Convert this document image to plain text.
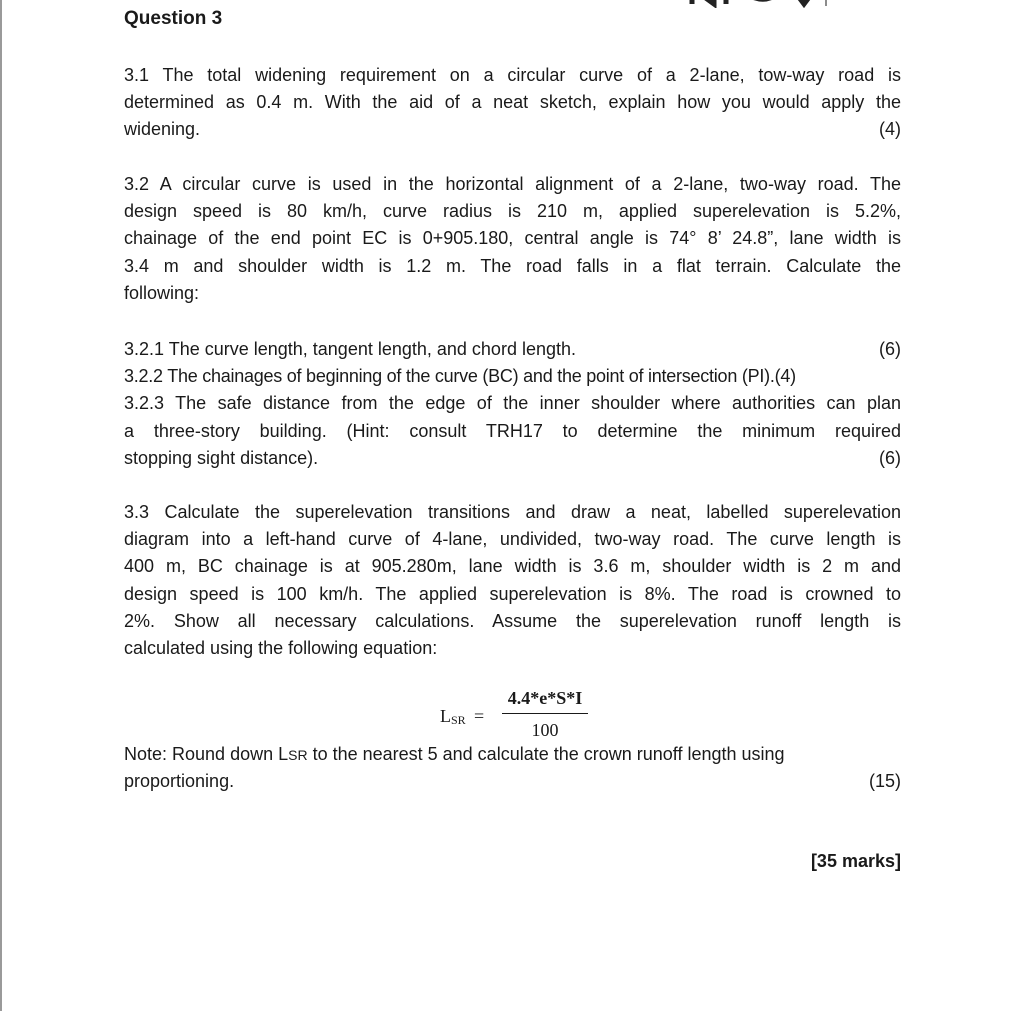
Question 3
3.1 The total widening requirement on a circular curve of a 2-lane, tow-way road is
determined as 0.4 m. With the aid of a neat sketch, explain how you would apply the
widening.	(4)
3.2 A circular curve is used in the horizontal alignment of a 2-lane, two-way road. The
design speed is 80 km/h, curve radius is 210 m, applied superelevation is 5.2%,
chainage of the end point EC is 0+905.180, central angle is 74° 8’ 24.8”, lane width is
3.4 m and shoulder width is 1.2 m. The road falls in a flat terrain. Calculate the
following:
3.2.1 The curve length, tangent length, and chord length.	(6)
3.2.2 The chainages of beginning of the curve (BC) and the point of intersection (PI).(4)
3.2.3 The safe distance from the edge of the inner shoulder where authorities can plan
a three-story building. (Hint: consult TRH17 to determine the minimum required
stopping sight distance).	(6)
3.3 Calculate the superelevation transitions and draw a neat, labelled superelevation
diagram into a left-hand curve of 4-lane, undivided, two-way road. The curve length is
400 m, BC chainage is at 905.280m, lane width is 3.6 m, shoulder width is 2 m and
design speed is 100 km/h. The applied superelevation is 8%. The road is crowned to
2%. Show all necessary calculations. Assume the superelevation runoff length is
calculated using the following equation:
$L_{SR}$ =
4.4*e*S*I
100
Note: Round down LSR to the nearest 5 and calculate the crown runoff length using
proportioning.	(15)
[35 marks]
